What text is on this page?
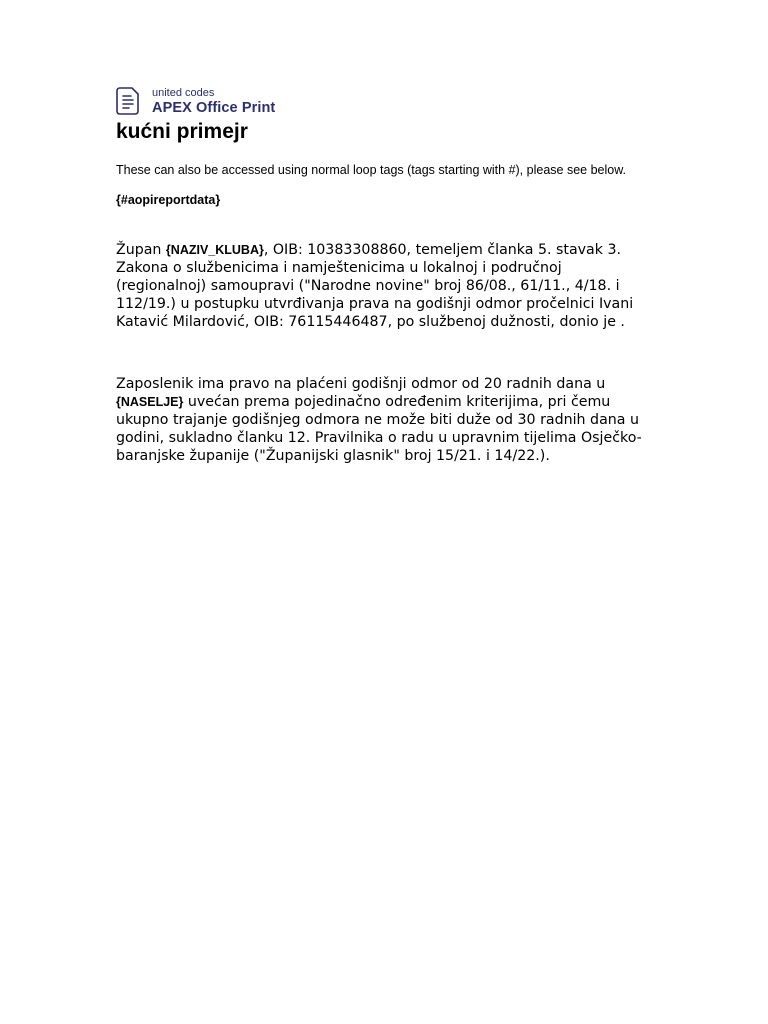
united codes
APEX Office Print
kućni primejr

These can also be accessed using normal loop tags (tags starting with #), please see below.

{#aopireportdata}

Župan {NAZIV_KLUBA}, OIB: 10383308860, temeljem članka 5. stavak 3. Zakona o službenicima i namještenicima u lokalnoj i područnoj (regionalnoj) samoupravi ("Narodne novine" broj 86/08., 61/11., 4/18. i 112/19.) u postupku utvrđivanja prava na godišnji odmor pročelnici Ivani Katavić Milardović, OIB: 76115446487, po službenoj dužnosti, donio je .

Zaposlenik ima pravo na plaćeni godišnji odmor od 20 radnih dana u {NASELJE} uvećan prema pojedinačno određenim kriterijima, pri čemu ukupno trajanje godišnjeg odmora ne može biti duže od 30 radnih dana u godini, sukladno članku 12. Pravilnika o radu u upravnim tijelima Osječko-baranjske županije ("Županijski glasnik" broj 15/21. i 14/22.).
